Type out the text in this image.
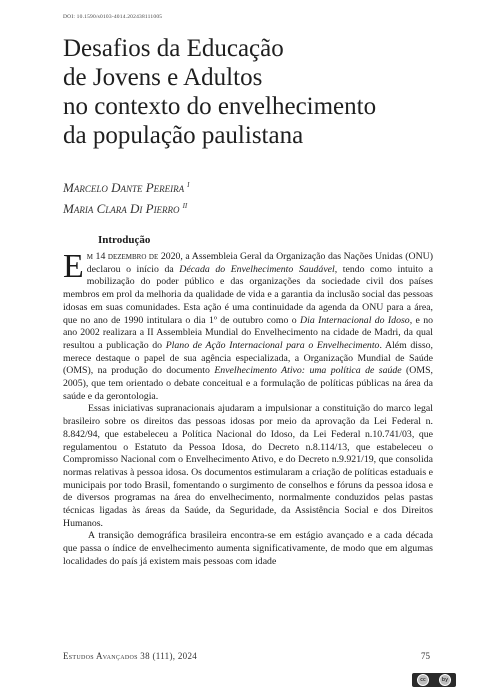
DOI: 10.1590/s0103-4014.202438111005
Desafios da Educação
de Jovens e Adultos
no contexto do envelhecimento
da população paulistana
Marcelo Dante Pereira $^I$
Maria Clara Di Pierro $^{II}$
Introdução

Em 14 dezembro de 2020, a Assembleia Geral da Organização das Nações Unidas (ONU) declarou o início da Década do Envelhecimento Saudável, tendo como intuito a mobilização do poder público e das organizações da sociedade civil dos países membros em prol da melhoria da qualidade de vida e a garantia da inclusão social das pessoas idosas em suas comunidades. Esta ação é uma continuidade da agenda da ONU para a área, que no ano de 1990 intitulara o dia 1º de outubro como o Dia Internacional do Idoso, e no ano 2002 realizara a II Assembleia Mundial do Envelhecimento na cidade de Madri, da qual resultou a publicação do Plano de Ação Internacional para o Envelhecimento. Além disso, merece destaque o papel de sua agência especializada, a Organização Mundial de Saúde (OMS), na produção do documento Envelhecimento Ativo: uma política de saúde (OMS, 2005), que tem orientado o debate conceitual e a formulação de políticas públicas na área da saúde e da gerontologia.

Essas iniciativas supranacionais ajudaram a impulsionar a constituição do marco legal brasileiro sobre os direitos das pessoas idosas por meio da aprovação da Lei Federal n. 8.842/94, que estabeleceu a Política Nacional do Idoso, da Lei Federal n.10.741/03, que regulamentou o Estatuto da Pessoa Idosa, do Decreto n.8.114/13, que estabeleceu o Compromisso Nacional com o Envelhecimento Ativo, e do Decreto n.9.921/19, que consolida normas relativas à pessoa idosa. Os documentos estimularam a criação de políticas estaduais e municipais por todo Brasil, fomentando o surgimento de conselhos e fóruns da pessoa idosa e de diversos programas na área do envelhecimento, normalmente conduzidos pelas pastas técnicas ligadas às áreas da Saúde, da Seguridade, da Assistência Social e dos Direitos Humanos.

A transição demográfica brasileira encontra-se em estágio avançado e a cada década que passa o índice de envelhecimento aumenta significativamente, de modo que em algumas localidades do país já existem mais pessoas com idade

Estudos Avançados 38 (111), 2024	75
cc	by
